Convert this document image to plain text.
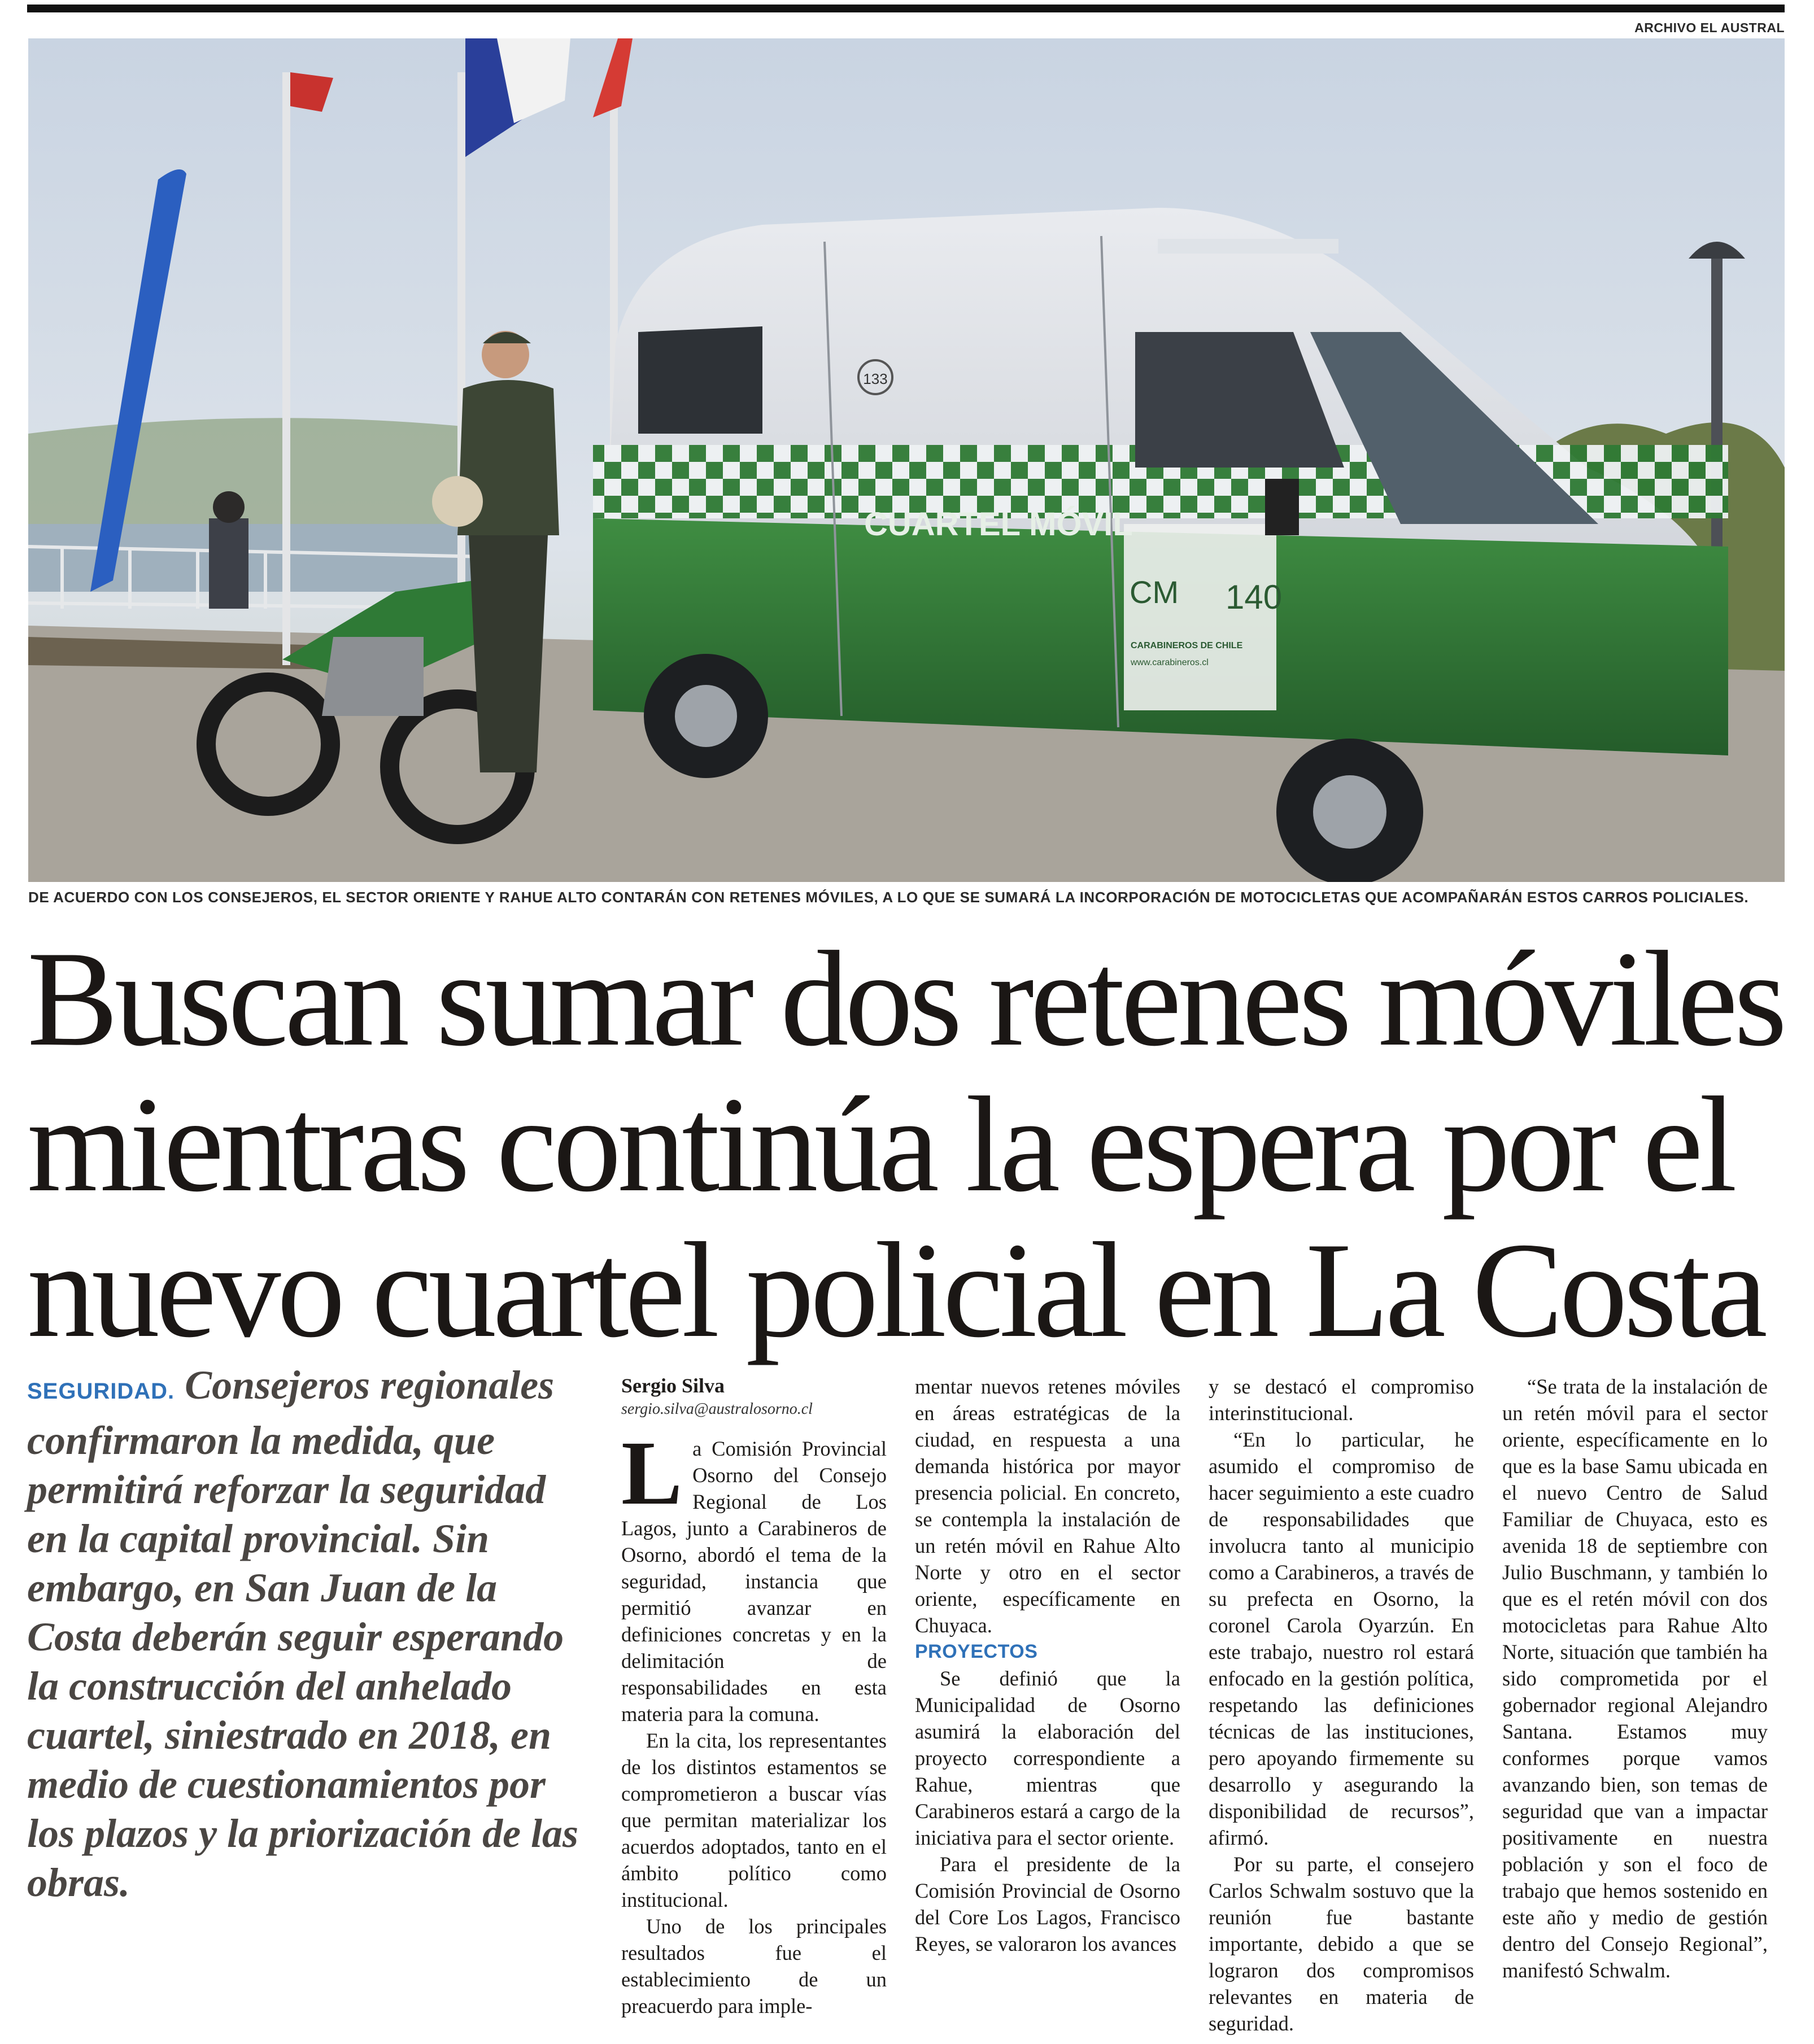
ARCHIVO EL AUSTRAL
133
CUARTEL MÓVIL
CM 140
CARABINEROS DE CHILE
www.carabineros.cl
DE ACUERDO CON LOS CONSEJEROS, EL SECTOR ORIENTE Y RAHUE ALTO CONTARÁN CON RETENES MÓVILES, A LO QUE SE SUMARÁ LA INCORPORACIÓN DE MOTOCICLETAS QUE ACOMPAÑARÁN ESTOS CARROS POLICIALES.
Buscan sumar dos retenes móviles
mientras continúa la espera por el
nuevo cuartel policial en La Costa

SEGURIDAD. Consejeros regionales confirmaron la medida, que permitirá reforzar la seguridad en la capital provincial. Sin embargo, en San Juan de la Costa deberán seguir esperando la construcción del anhelado cuartel, siniestrado en 2018, en medio de cuestionamientos por los plazos y la priorización de las obras.

Sergio Silva
sergio.silva@australosorno.cl

La Comisión Provincial Osorno del Consejo Regional de Los Lagos, junto a Carabineros de Osorno, abordó el tema de la seguridad, instancia que permitió avanzar en definiciones concretas y en la delimitación de responsabilidades en esta materia para la comuna.

En la cita, los representantes de los distintos estamentos se comprometieron a buscar vías que permitan materializar los acuerdos adoptados, tanto en el ámbito político como institucional.

Uno de los principales resultados fue el establecimiento de un preacuerdo para imple-

mentar nuevos retenes móviles en áreas estratégicas de la ciudad, en respuesta a una demanda histórica por mayor presencia policial. En concreto, se contempla la instalación de un retén móvil en Rahue Alto Norte y otro en el sector oriente, específicamente en Chuyaca.

PROYECTOS

Se definió que la Municipalidad de Osorno asumirá la elaboración del proyecto correspondiente a Rahue, mientras que Carabineros estará a cargo de la iniciativa para el sector oriente.

Para el presidente de la Comisión Provincial de Osorno del Core Los Lagos, Francisco Reyes, se valoraron los avances

y se destacó el compromiso interinstitucional.

“En lo particular, he asumido el compromiso de hacer seguimiento a este cuadro de responsabilidades que involucra tanto al municipio como a Carabineros, a través de su prefecta en Osorno, la coronel Carola Oyarzún. En este trabajo, nuestro rol estará enfocado en la gestión política, respetando las definiciones técnicas de las instituciones, pero apoyando firmemente su desarrollo y asegurando la disponibilidad de recursos”, afirmó.

Por su parte, el consejero Carlos Schwalm sostuvo que la reunión fue bastante importante, debido a que se lograron dos compromisos relevantes en materia de seguridad.

“Se trata de la instalación de un retén móvil para el sector oriente, específicamente en lo que es la base Samu ubicada en el nuevo Centro de Salud Familiar de Chuyaca, esto es avenida 18 de septiembre con Julio Buschmann, y también lo que es el retén móvil con dos motocicletas para Rahue Alto Norte, situación que también ha sido comprometida por el gobernador regional Alejandro Santana. Estamos muy conformes porque vamos avanzando bien, son temas de seguridad que van a impactar positivamente en nuestra población y son el foco de trabajo que hemos sostenido en este año y medio de gestión dentro del Consejo Regional”, manifestó Schwalm.
